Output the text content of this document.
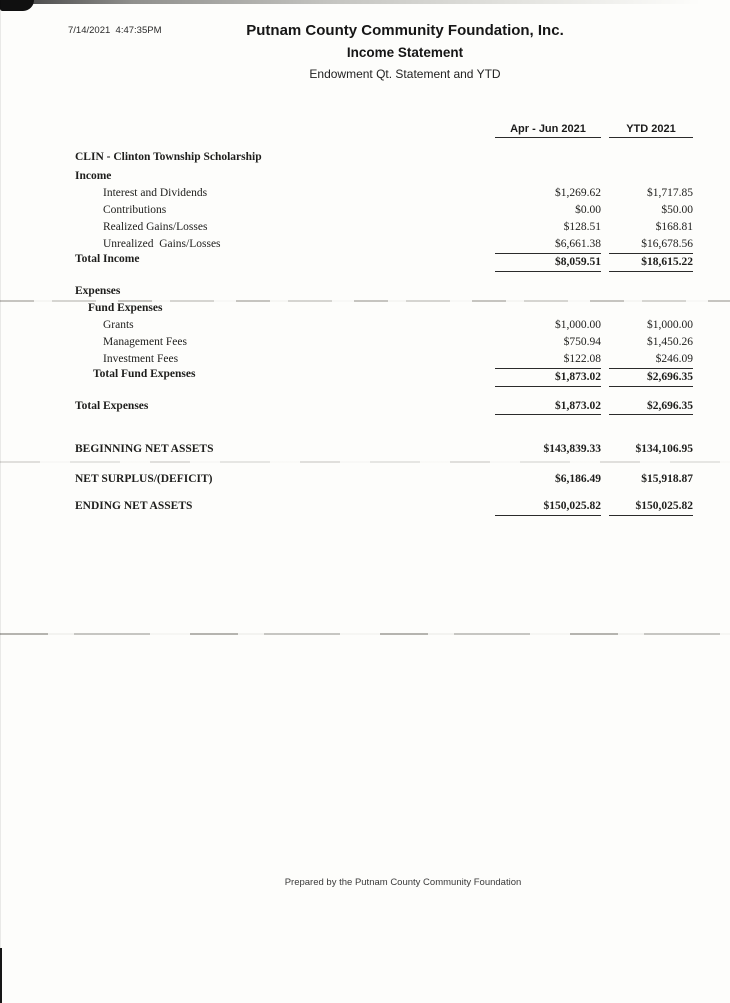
7/14/2021  4:47:35PM	Putnam County Community Foundation, Inc.
Income Statement
Endowment Qt. Statement and YTD
Apr - Jun 2021	YTD 2021
CLIN - Clinton Township Scholarship
Income
Interest and Dividends	$1,269.62	$1,717.85
Contributions	$0.00	$50.00
Realized Gains/Losses	$128.51	$168.81
Unrealized  Gains/Losses	$6,661.38	$16,678.56
Total Income	$8,059.51	$18,615.22
Expenses
Fund Expenses
Grants	$1,000.00	$1,000.00
Management Fees	$750.94	$1,450.26
Investment Fees	$122.08	$246.09
Total Fund Expenses	$1,873.02	$2,696.35
Total Expenses	$1,873.02	$2,696.35
BEGINNING NET ASSETS	$143,839.33	$134,106.95
NET SURPLUS/(DEFICIT)	$6,186.49	$15,918.87
ENDING NET ASSETS	$150,025.82	$150,025.82
Prepared by the Putnam County Community Foundation
